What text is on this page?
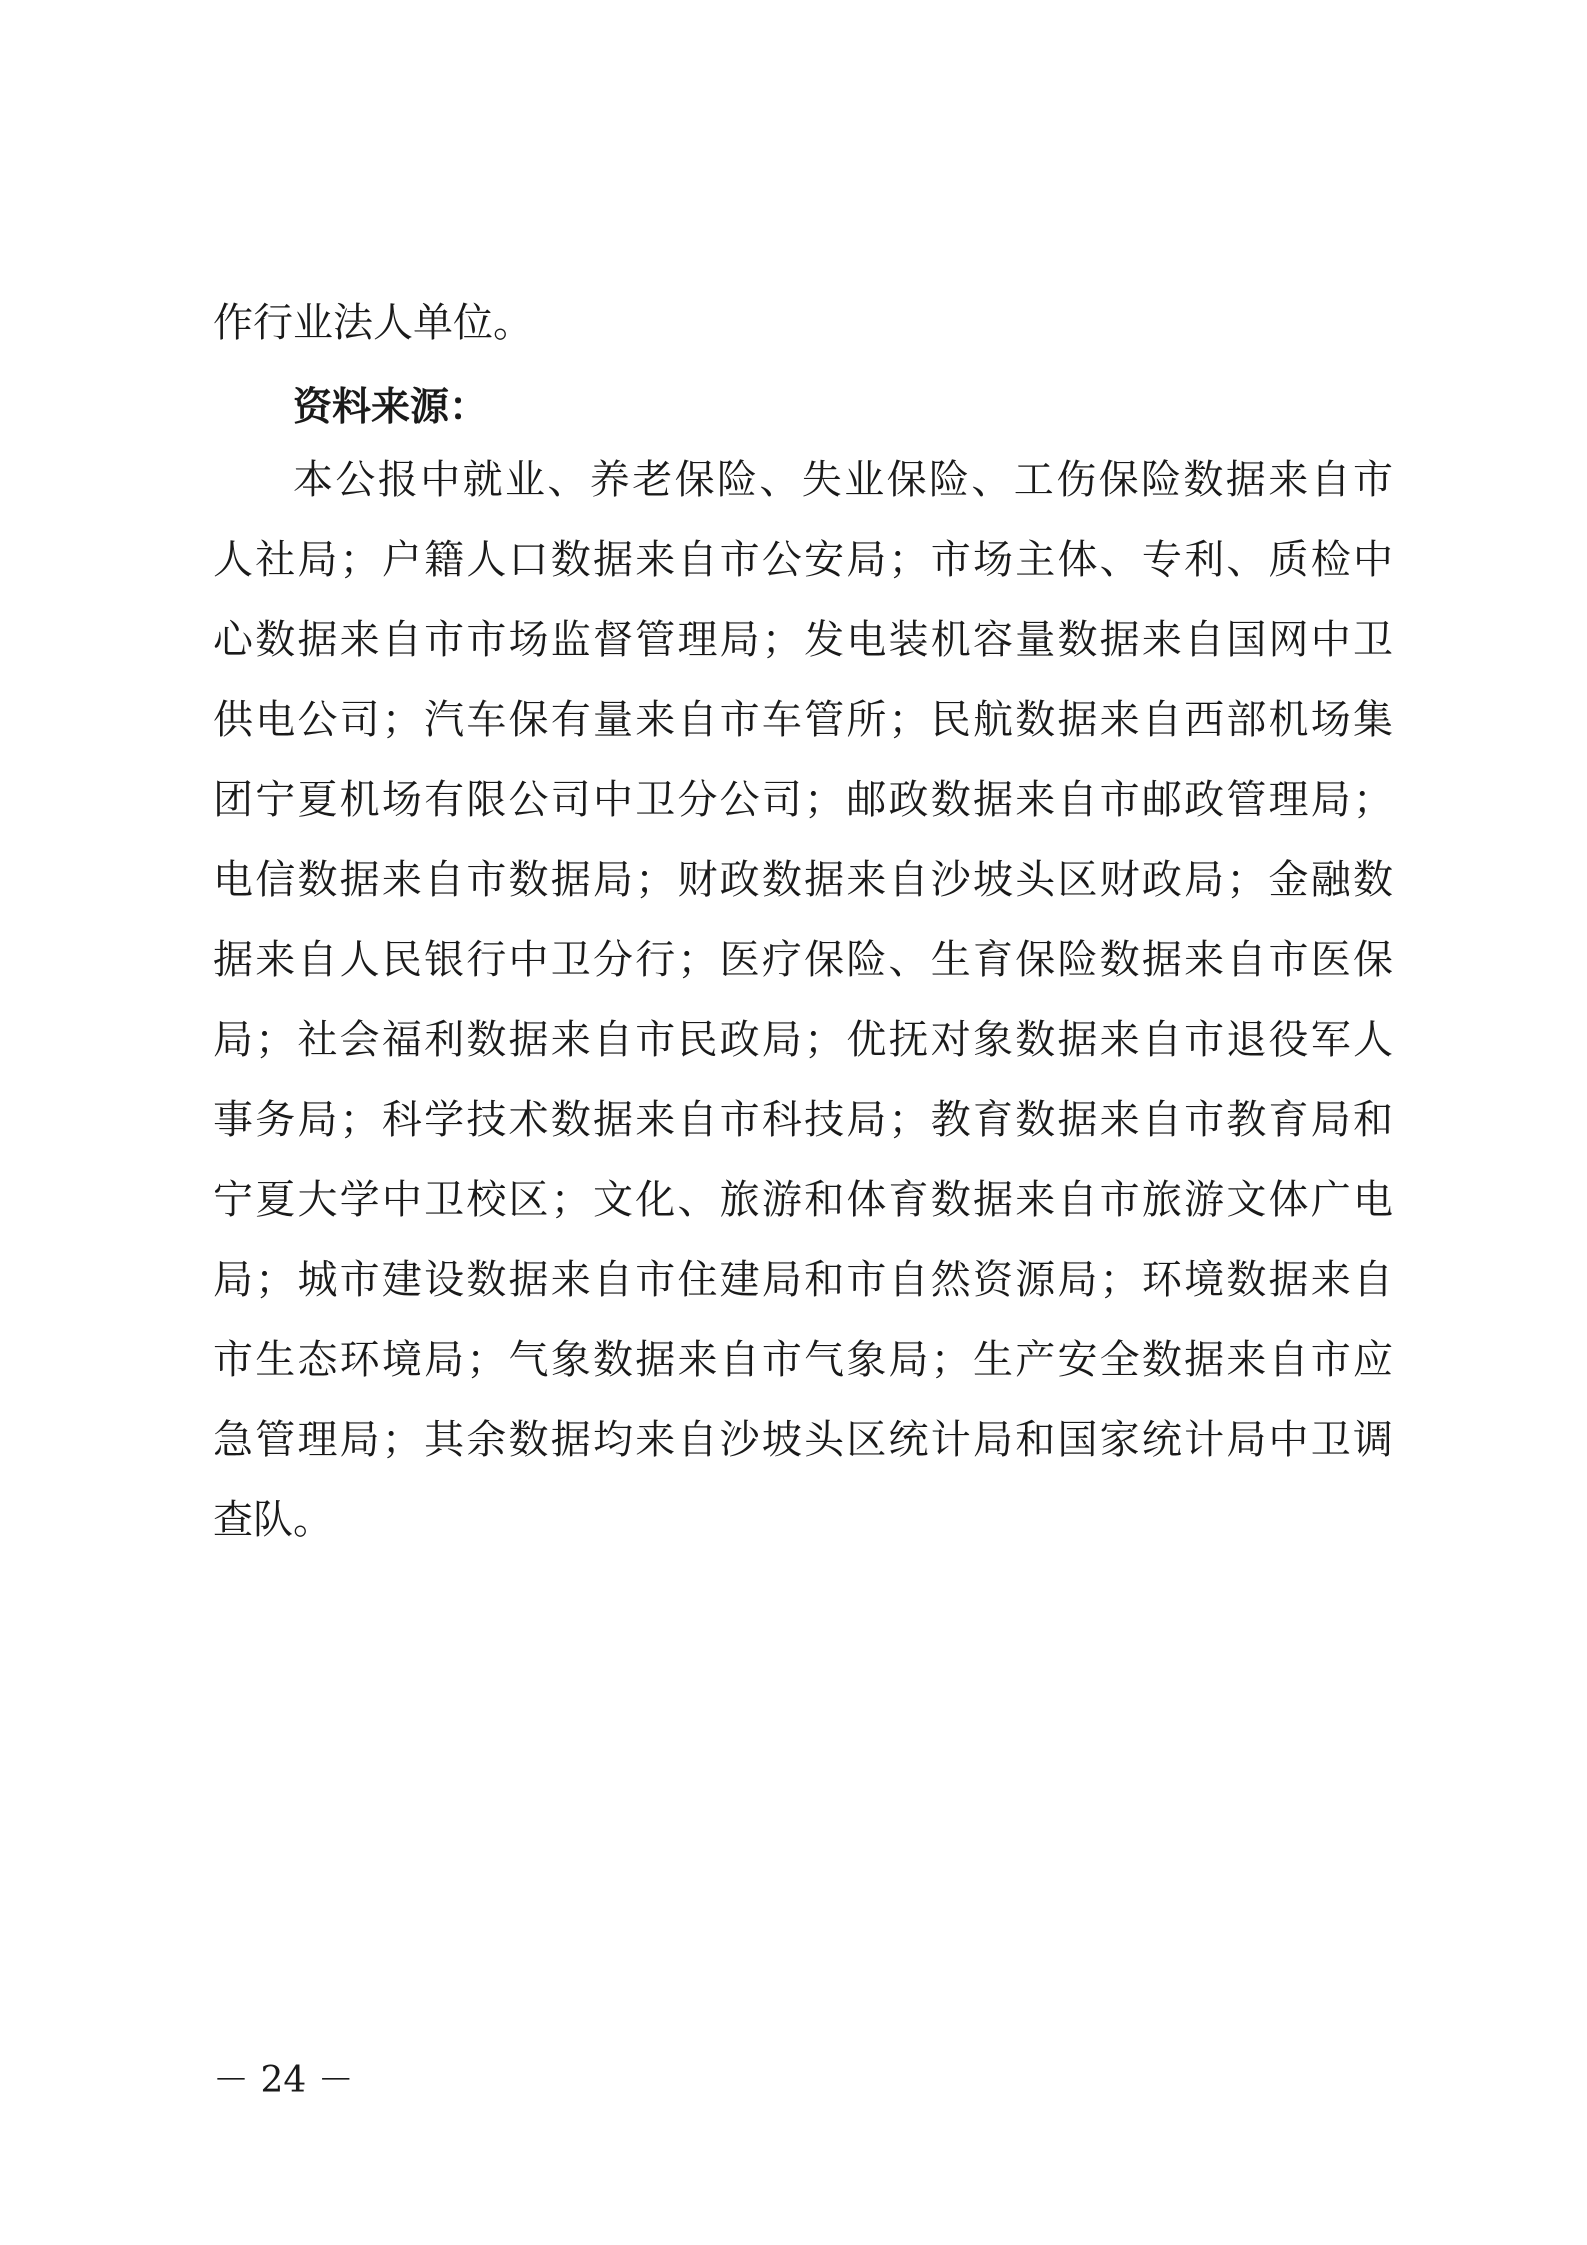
作行业法人单位。
资料来源：
本公报中就业、养老保险、失业保险、工伤保险数据来自市
人社局；户籍人口数据来自市公安局；市场主体、专利、质检中
心数据来自市市场监督管理局；发电装机容量数据来自国网中卫
供电公司；汽车保有量来自市车管所；民航数据来自西部机场集
团宁夏机场有限公司中卫分公司；邮政数据来自市邮政管理局；
电信数据来自市数据局；财政数据来自沙坡头区财政局；金融数
据来自人民银行中卫分行；医疗保险、生育保险数据来自市医保
局；社会福利数据来自市民政局；优抚对象数据来自市退役军人
事务局；科学技术数据来自市科技局；教育数据来自市教育局和
宁夏大学中卫校区；文化、旅游和体育数据来自市旅游文体广电
局；城市建设数据来自市住建局和市自然资源局；环境数据来自
市生态环境局；气象数据来自市气象局；生产安全数据来自市应
急管理局；其余数据均来自沙坡头区统计局和国家统计局中卫调
查队。
－ 24 －
